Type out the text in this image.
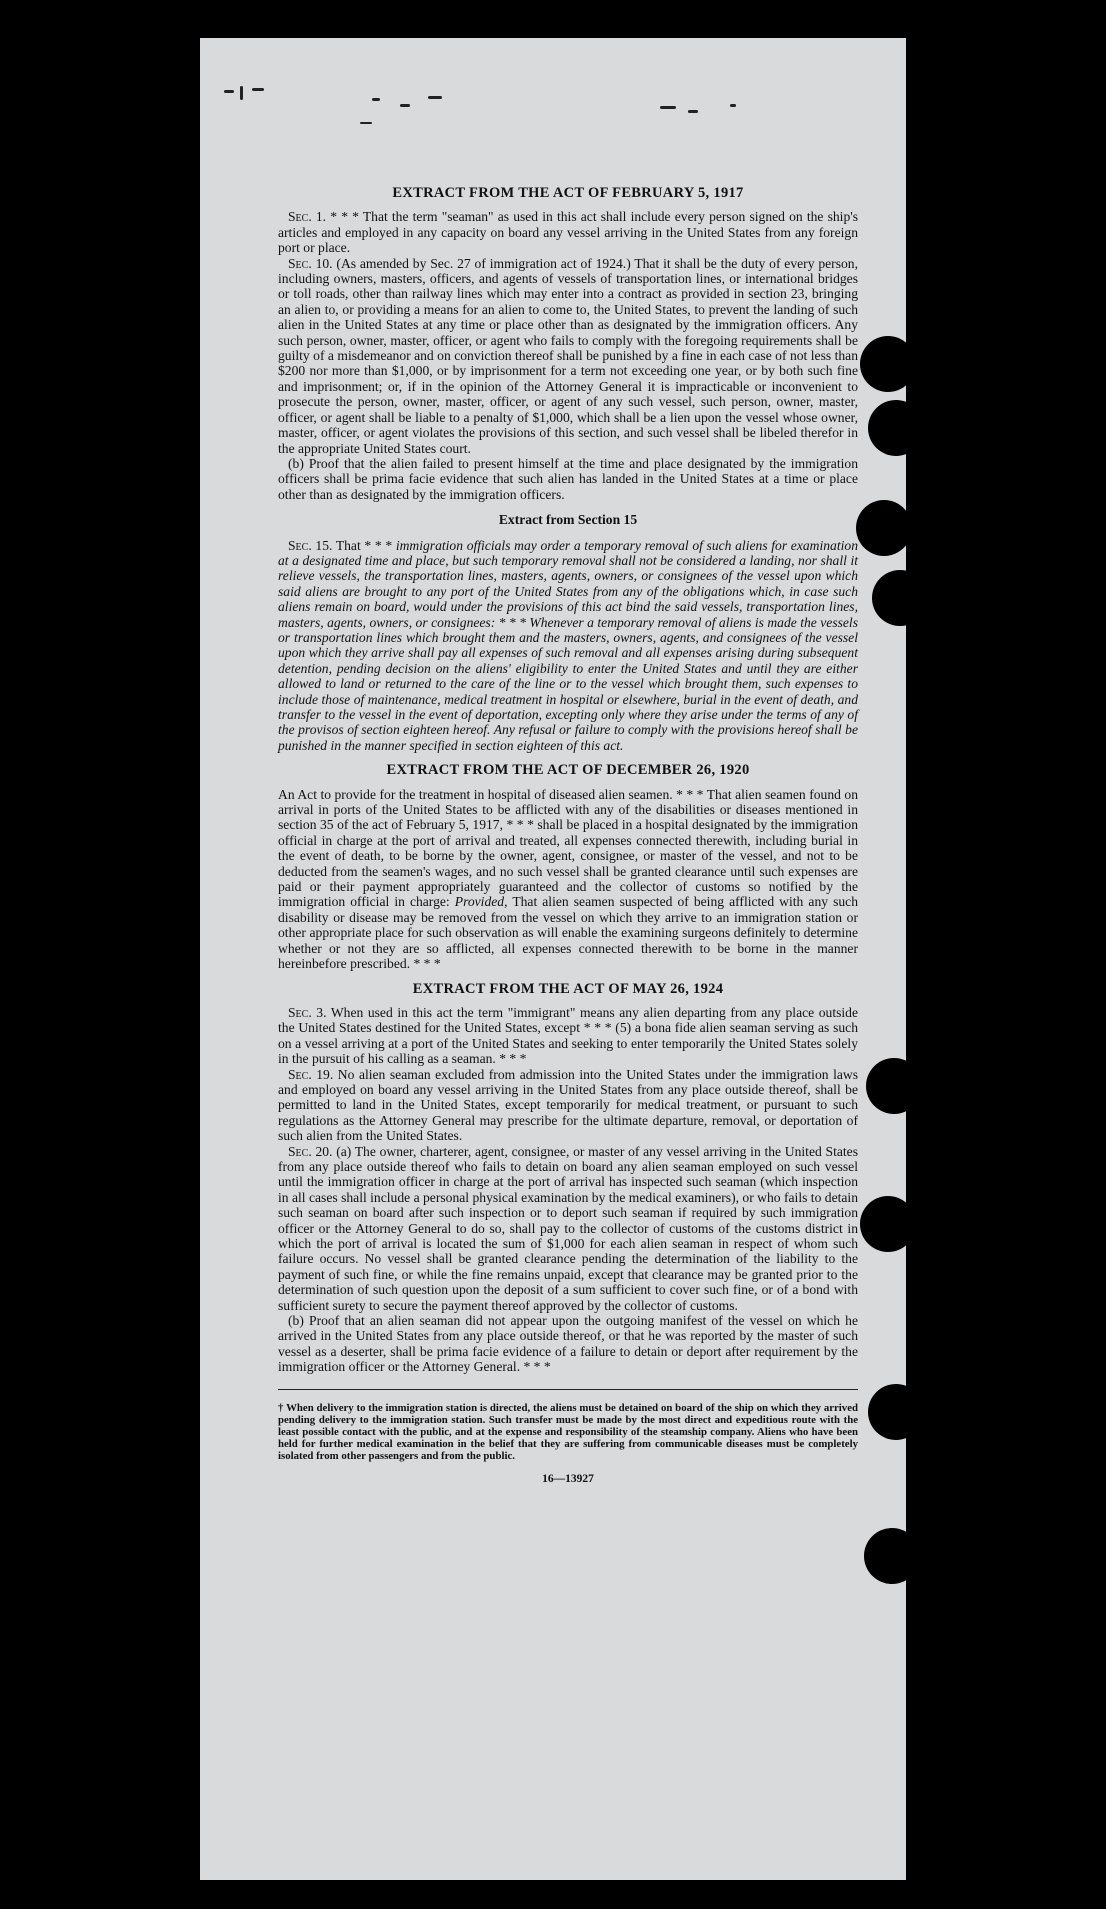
EXTRACT FROM THE ACT OF FEBRUARY 5, 1917

Sec. 1. * * * That the term "seaman" as used in this act shall include every person signed on the ship's articles and employed in any capacity on board any vessel arriving in the United States from any foreign port or place.

Sec. 10. (As amended by Sec. 27 of immigration act of 1924.) That it shall be the duty of every person, including owners, masters, officers, and agents of vessels of transportation lines, or international bridges or toll roads, other than railway lines which may enter into a contract as provided in section 23, bringing an alien to, or providing a means for an alien to come to, the United States, to prevent the landing of such alien in the United States at any time or place other than as designated by the immigration officers. Any such person, owner, master, officer, or agent who fails to comply with the foregoing requirements shall be guilty of a misdemeanor and on conviction thereof shall be punished by a fine in each case of not less than $200 nor more than $1,000, or by imprisonment for a term not exceeding one year, or by both such fine and imprisonment; or, if in the opinion of the Attorney General it is impracticable or inconvenient to prosecute the person, owner, master, officer, or agent of any such vessel, such person, owner, master, officer, or agent shall be liable to a penalty of $1,000, which shall be a lien upon the vessel whose owner, master, officer, or agent violates the provisions of this section, and such vessel shall be libeled therefor in the appropriate United States court.

(b) Proof that the alien failed to present himself at the time and place designated by the immigration officers shall be prima facie evidence that such alien has landed in the United States at a time or place other than as designated by the immigration officers.

Extract from Section 15

Sec. 15. That * * * immigration officials may order a temporary removal of such aliens for examination at a designated time and place, but such temporary removal shall not be considered a landing, nor shall it relieve vessels, the transportation lines, masters, agents, owners, or consignees of the vessel upon which said aliens are brought to any port of the United States from any of the obligations which, in case such aliens remain on board, would under the provisions of this act bind the said vessels, transportation lines, masters, agents, owners, or consignees: * * * Whenever a temporary removal of aliens is made the vessels or transportation lines which brought them and the masters, owners, agents, and consignees of the vessel upon which they arrive shall pay all expenses of such removal and all expenses arising during subsequent detention, pending decision on the aliens' eligibility to enter the United States and until they are either allowed to land or returned to the care of the line or to the vessel which brought them, such expenses to include those of maintenance, medical treatment in hospital or elsewhere, burial in the event of death, and transfer to the vessel in the event of deportation, excepting only where they arise under the terms of any of the provisos of section eighteen hereof. Any refusal or failure to comply with the provisions hereof shall be punished in the manner specified in section eighteen of this act.

EXTRACT FROM THE ACT OF DECEMBER 26, 1920

An Act to provide for the treatment in hospital of diseased alien seamen. * * * That alien seamen found on arrival in ports of the United States to be afflicted with any of the disabilities or diseases mentioned in section 35 of the act of February 5, 1917, * * * shall be placed in a hospital designated by the immigration official in charge at the port of arrival and treated, all expenses connected therewith, including burial in the event of death, to be borne by the owner, agent, consignee, or master of the vessel, and not to be deducted from the seamen's wages, and no such vessel shall be granted clearance until such expenses are paid or their payment appropriately guaranteed and the collector of customs so notified by the immigration official in charge: Provided, That alien seamen suspected of being afflicted with any such disability or disease may be removed from the vessel on which they arrive to an immigration station or other appropriate place for such observation as will enable the examining surgeons definitely to determine whether or not they are so afflicted, all expenses connected therewith to be borne in the manner hereinbefore prescribed. * * *

EXTRACT FROM THE ACT OF MAY 26, 1924

Sec. 3. When used in this act the term "immigrant" means any alien departing from any place outside the United States destined for the United States, except * * * (5) a bona fide alien seaman serving as such on a vessel arriving at a port of the United States and seeking to enter temporarily the United States solely in the pursuit of his calling as a seaman. * * *

Sec. 19. No alien seaman excluded from admission into the United States under the immigration laws and employed on board any vessel arriving in the United States from any place outside thereof, shall be permitted to land in the United States, except temporarily for medical treatment, or pursuant to such regulations as the Attorney General may prescribe for the ultimate departure, removal, or deportation of such alien from the United States.

Sec. 20. (a) The owner, charterer, agent, consignee, or master of any vessel arriving in the United States from any place outside thereof who fails to detain on board any alien seaman employed on such vessel until the immigration officer in charge at the port of arrival has inspected such seaman (which inspection in all cases shall include a personal physical examination by the medical examiners), or who fails to detain such seaman on board after such inspection or to deport such seaman if required by such immigration officer or the Attorney General to do so, shall pay to the collector of customs of the customs district in which the port of arrival is located the sum of $1,000 for each alien seaman in respect of whom such failure occurs. No vessel shall be granted clearance pending the determination of the liability to the payment of such fine, or while the fine remains unpaid, except that clearance may be granted prior to the determination of such question upon the deposit of a sum sufficient to cover such fine, or of a bond with sufficient surety to secure the payment thereof approved by the collector of customs.

(b) Proof that an alien seaman did not appear upon the outgoing manifest of the vessel on which he arrived in the United States from any place outside thereof, or that he was reported by the master of such vessel as a deserter, shall be prima facie evidence of a failure to detain or deport after requirement by the immigration officer or the Attorney General. * * *

† When delivery to the immigration station is directed, the aliens must be detained on board of the ship on which they arrived pending delivery to the immigration station. Such transfer must be made by the most direct and expeditious route with the least possible contact with the public, and at the expense and responsibility of the steamship company. Aliens who have been held for further medical examination in the belief that they are suffering from communicable diseases must be completely isolated from other passengers and from the public.
16—13927
